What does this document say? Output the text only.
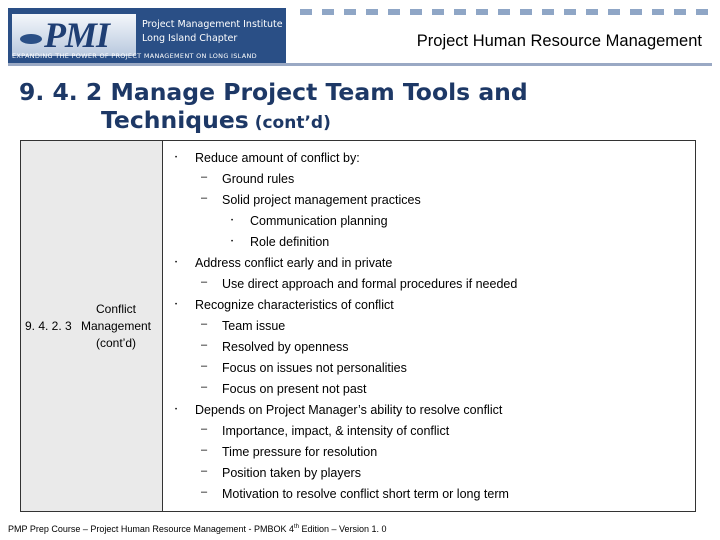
PMI	Project Management Institute
Long Island Chapter
EXPANDING THE POWER OF PROJECT MANAGEMENT ON LONG ISLAND
Project Human Resource Management
9. 4. 2 Manage Project Team Tools and
Techniques (cont’d)
9. 4. 2. 3
Conflict Management (cont’d)
• Reduce amount of conflict by:
– Ground rules
– Solid project management practices
• Communication planning
• Role definition
• Address conflict early and in private
– Use direct approach and formal procedures if needed
• Recognize characteristics of conflict
– Team issue
– Resolved by openness
– Focus on issues not personalities
– Focus on present not past
• Depends on Project Manager’s ability to resolve conflict
– Importance, impact, & intensity of conflict
– Time pressure for resolution
– Position taken by players
– Motivation to resolve conflict short term or long term
PMP Prep Course – Project Human Resource Management - PMBOK 4th Edition – Version 1. 0
